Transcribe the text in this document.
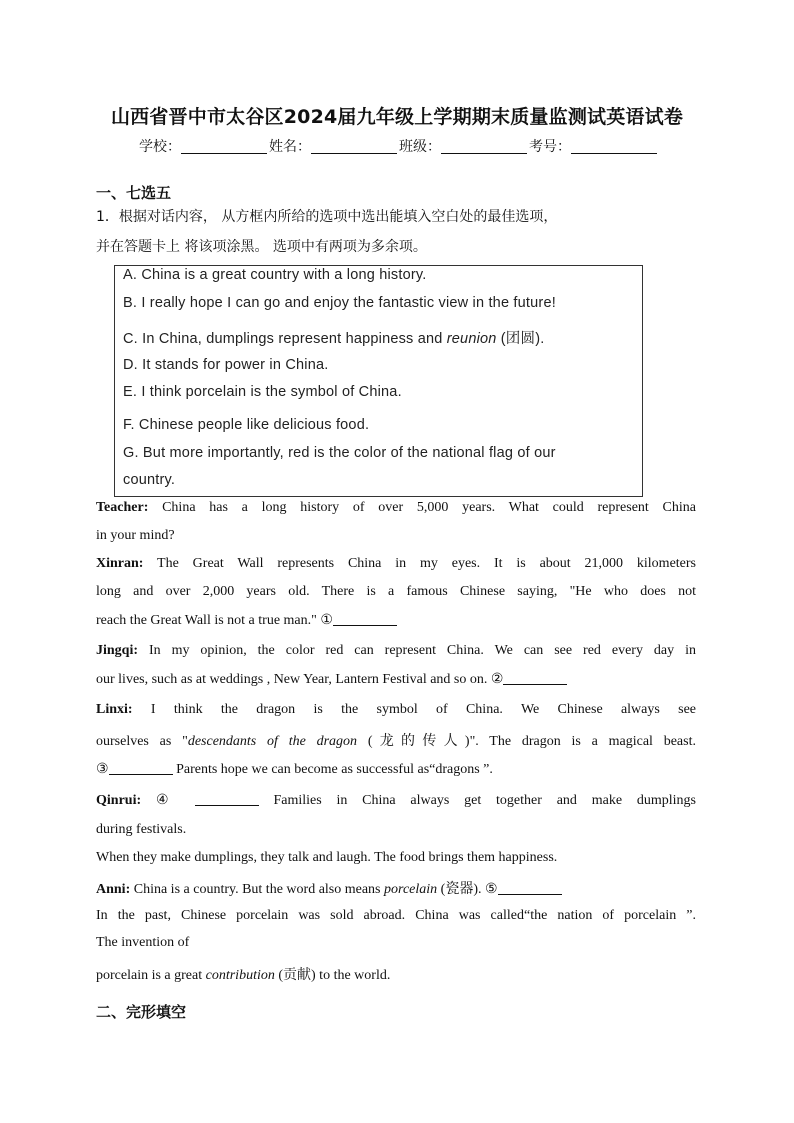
山西省晋中市太谷区2024届九年级上学期期末质量监测试英语试卷
学校：	姓名：	班级：	考号：
一、七选五
1．根据对话内容， 从方框内所给的选项中选出能填入空白处的最佳选项，
并在答题卡上 将该项涂黑。 选项中有两项为多余项。
A. China is a great country with a long history.
B. I really hope I can go and enjoy the fantastic view in the future!
C. In China, dumplings represent happiness and reunion (团圆).
D. It stands for power in China.
E. I think porcelain is the symbol of China.
F. Chinese people like delicious food.
G. But more importantly, red is the color of the national flag of our
country.
Teacher: China has a long history of over 5,000 years. What could represent China
in your mind?
Xinran: The Great Wall represents China in my eyes. It is about 21,000 kilometers
long and over 2,000 years old. There is a famous Chinese saying, "He who does not
reach the Great Wall is not a true man." ①
Jingqi: In my opinion, the color red can represent China. We can see red every day in
our lives, such as at weddings , New Year, Lantern Festival and so on. ②
Linxi: I think the dragon is the symbol of China. We Chinese always see
ourselves as "descendants of the dragon (龙的传人)". The dragon is a magical beast.
③	Parents hope we can become as successful as“dragons ”.
Qinrui: ④	Families in China always get together and make dumplings
during festivals.
When they make dumplings, they talk and laugh. The food brings them happiness.
Anni: China is a country. But the word also means porcelain (瓷器). ⑤
In the past, Chinese porcelain was sold abroad. China was called“the nation of porcelain ”.
The invention of
porcelain is a great contribution (贡献) to the world.
二、完形填空
